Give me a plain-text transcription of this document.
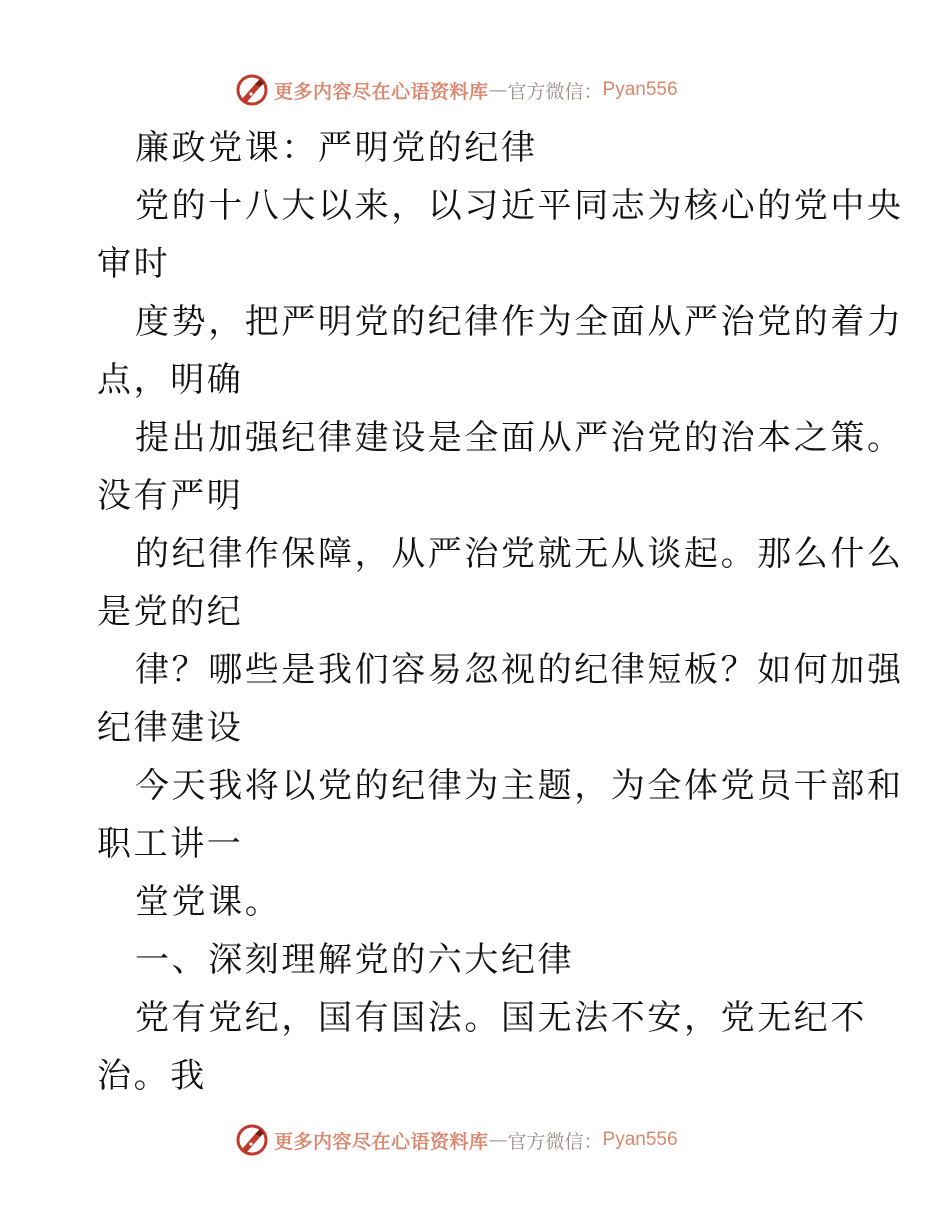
更多内容尽在心语资料库 — 官方微信： Pyan556
廉政党课：严明党的纪律
党的十八大以来，以习近平同志为核心的党中央
审时
度势，把严明党的纪律作为全面从严治党的着力
点，明确
提出加强纪律建设是全面从严治党的治本之策。
没有严明
的纪律作保障，从严治党就无从谈起。那么什么
是党的纪
律？哪些是我们容易忽视的纪律短板？如何加强
纪律建设
今天我将以党的纪律为主题，为全体党员干部和
职工讲一
堂党课。
一、深刻理解党的六大纪律
党有党纪，国有国法。国无法不安，党无纪不
治。我
更多内容尽在心语资料库 — 官方微信： Pyan556
